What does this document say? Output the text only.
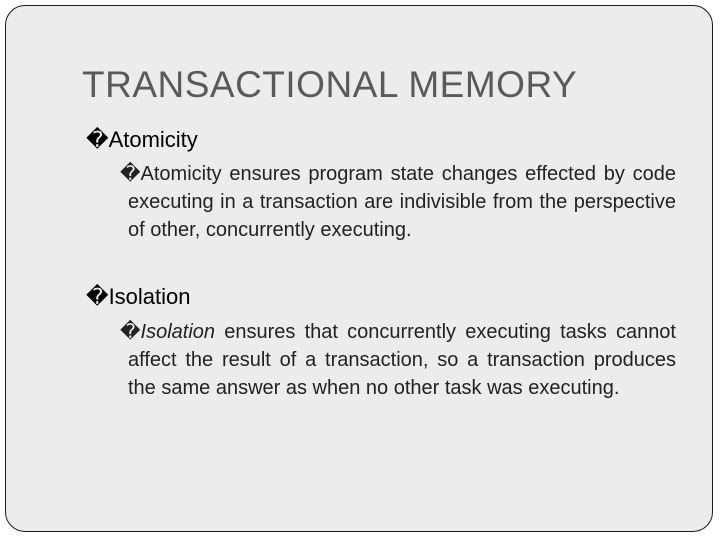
TRANSACTIONAL MEMORY
�Atomicity
�Atomicity ensures program state changes effected by code executing in a transaction are indivisible from the perspective of other, concurrently executing.
�Isolation
�Isolation ensures that concurrently executing tasks cannot affect the result of a transaction, so a transaction produces the same answer as when no other task was executing.
